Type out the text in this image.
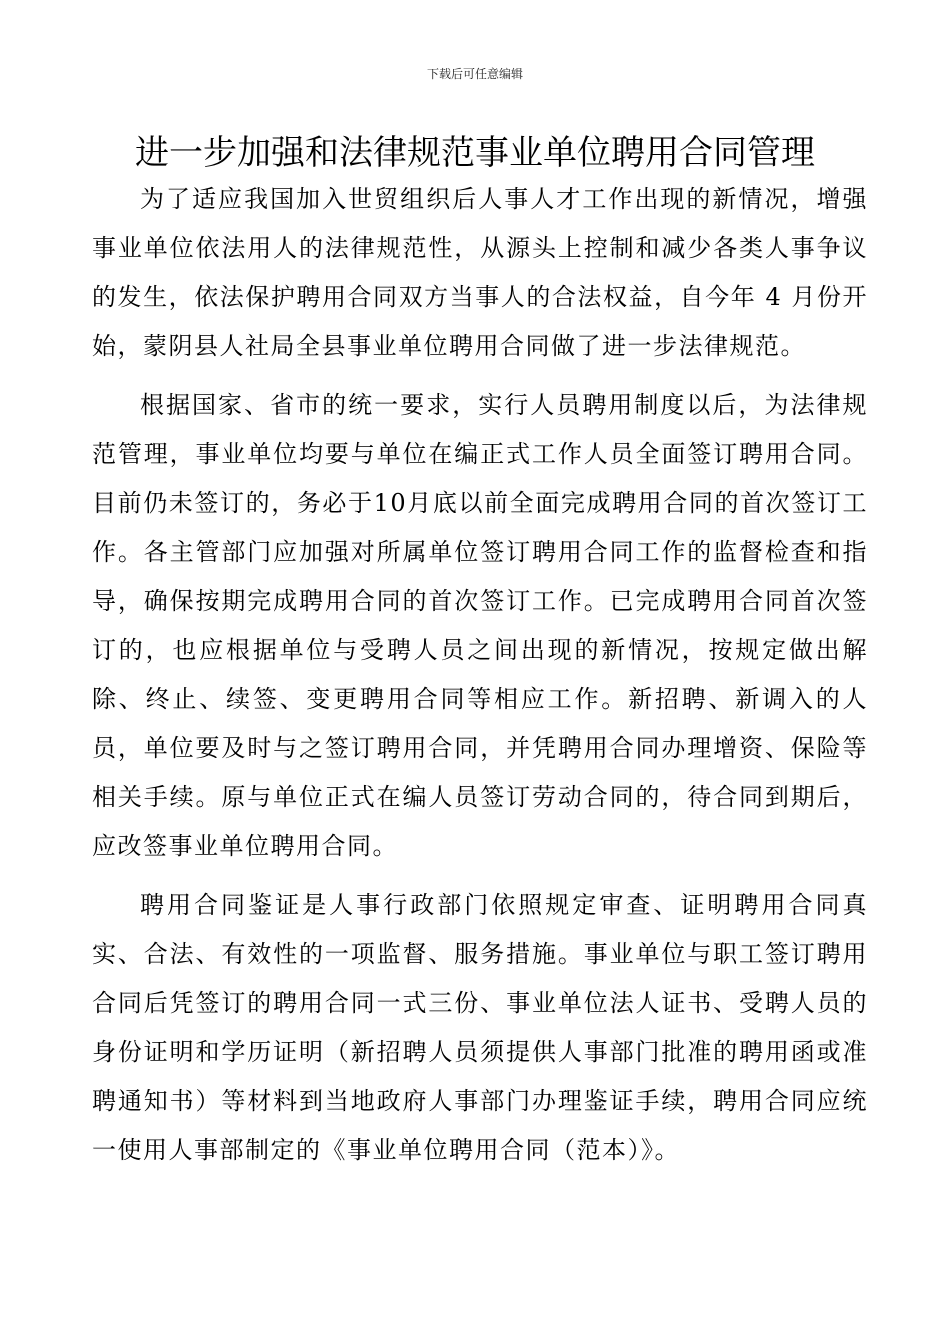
下载后可任意编辑
进一步加强和法律规范事业单位聘用合同管理

为了适应我国加入世贸组织后人事人才工作出现的新情况，增强事业单位依法用人的法律规范性，从源头上控制和减少各类人事争议的发生，依法保护聘用合同双方当事人的合法权益，自今年 4 月份开始，蒙阴县人社局全县事业单位聘用合同做了进一步法律规范。

根据国家、省市的统一要求，实行人员聘用制度以后，为法律规范管理，事业单位均要与单位在编正式工作人员全面签订聘用合同。目前仍未签订的，务必于10月底以前全面完成聘用合同的首次签订工作。各主管部门应加强对所属单位签订聘用合同工作的监督检查和指导，确保按期完成聘用合同的首次签订工作。已完成聘用合同首次签订的，也应根据单位与受聘人员之间出现的新情况，按规定做出解除、终止、续签、变更聘用合同等相应工作。新招聘、新调入的人员，单位要及时与之签订聘用合同，并凭聘用合同办理增资、保险等相关手续。原与单位正式在编人员签订劳动合同的，待合同到期后，应改签事业单位聘用合同。

聘用合同鉴证是人事行政部门依照规定审查、证明聘用合同真实、合法、有效性的一项监督、服务措施。事业单位与职工签订聘用合同后凭签订的聘用合同一式三份、事业单位法人证书、受聘人员的身份证明和学历证明（新招聘人员须提供人事部门批准的聘用函或准聘通知书）等材料到当地政府人事部门办理鉴证手续，聘用合同应统一使用人事部制定的《事业单位聘用合同（范本）》。
